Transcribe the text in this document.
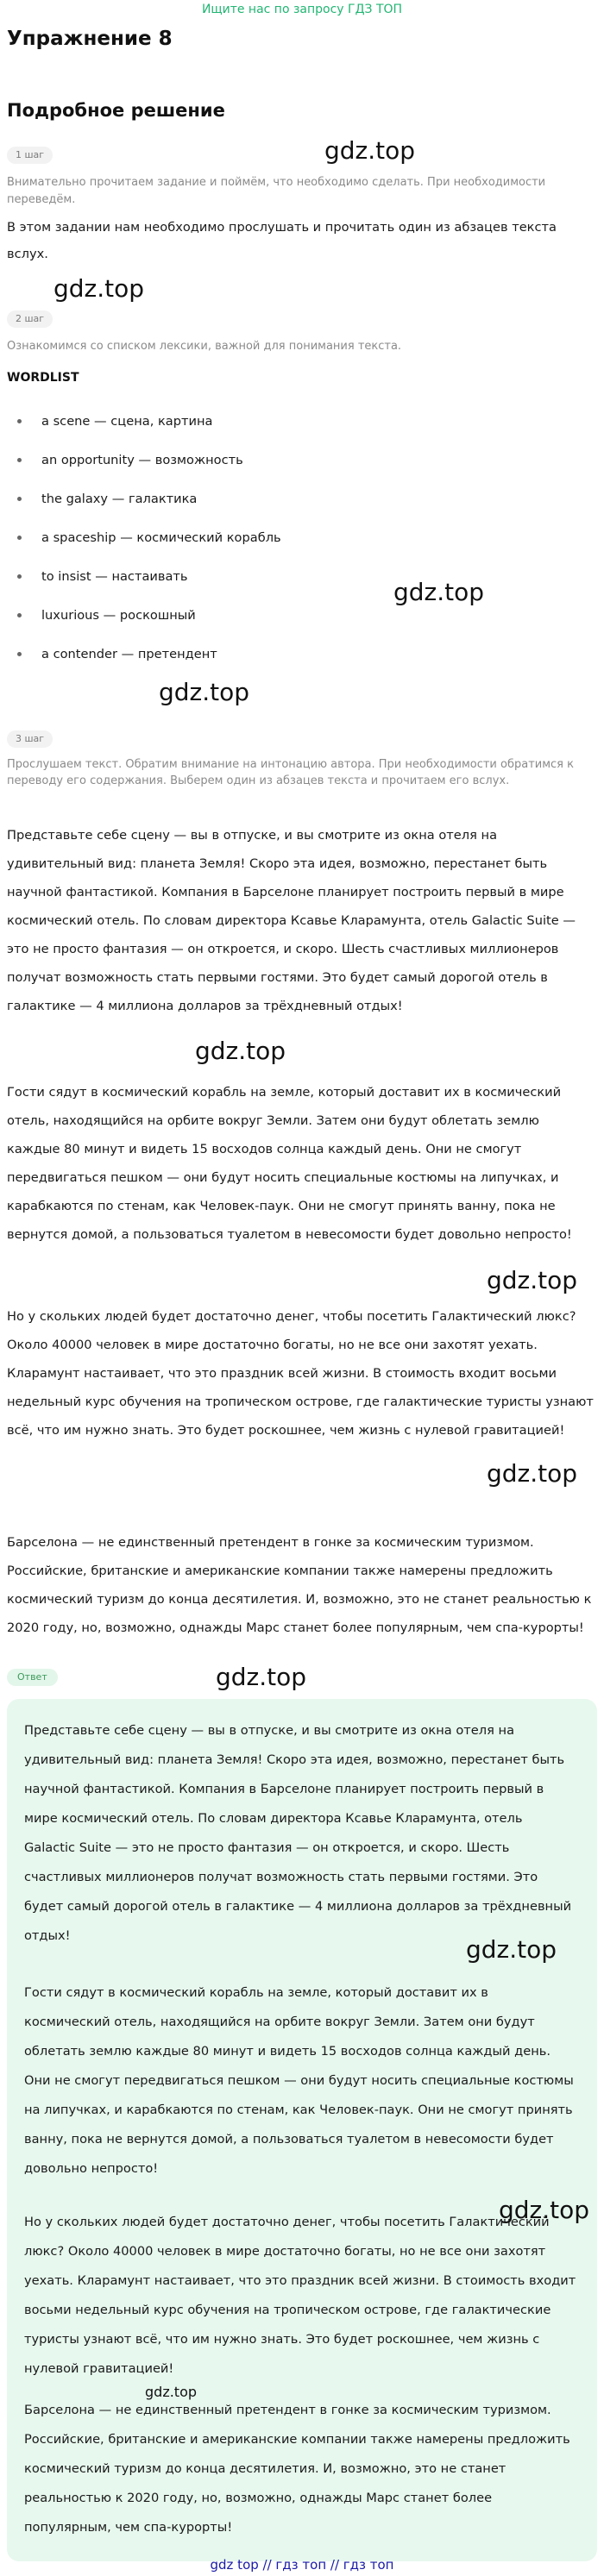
Ищите нас по запросу ГДЗ ТОП
Упражнение 8
Подробное решение
1 шаг
Внимательно прочитаем задание и поймём, что необходимо сделать. При необходимости переведём.
В этом задании нам необходимо прослушать и прочитать один из абзацев текста вслух.
2 шаг
Ознакомимся со списком лексики, важной для понимания текста.
WORDLIST
a scene — сцена, картина
an opportunity — возможность
the galaxy — галактика
a spaceship — космический корабль
to insist — настаивать
luxurious — роскошный
a contender — претендент
3 шаг
Прослушаем текст. Обратим внимание на интонацию автора. При необходимости обратимся к переводу его содержания. Выберем один из абзацев текста и прочитаем его вслух.
Представьте себе сцену — вы в отпуске, и вы смотрите из окна отеля на удивительный вид: планета Земля! Скоро эта идея, возможно, перестанет быть научной фантастикой. Компания в Барселоне планирует построить первый в мире космический отель. По словам директора Ксавье Кларамунта, отель Galactic Suite — это не просто фантазия — он откроется, и скоро. Шесть счастливых миллионеров получат возможность стать первыми гостями. Это будет самый дорогой отель в галактике — 4 миллиона долларов за трёхдневный отдых!
Гости сядут в космический корабль на земле, который доставит их в космический отель, находящийся на орбите вокруг Земли. Затем они будут облетать землю каждые 80 минут и видеть 15 восходов солнца каждый день. Они не смогут передвигаться пешком — они будут носить специальные костюмы на липучках, и карабкаются по стенам, как Человек-паук. Они не смогут принять ванну, пока не вернутся домой, а пользоваться туалетом в невесомости будет довольно непросто!
Но у скольких людей будет достаточно денег, чтобы посетить Галактический люкс? Около 40000 человек в мире достаточно богаты, но не все они захотят уехать. Кларамунт настаивает, что это праздник всей жизни. В стоимость входит восьми недельный курс обучения на тропическом острове, где галактические туристы узнают всё, что им нужно знать. Это будет роскошнее, чем жизнь с нулевой гравитацией!
Барселона — не единственный претендент в гонке за космическим туризмом. Российские, британские и американские компании также намерены предложить космический туризм до конца десятилетия. И, возможно, это не станет реальностью к 2020 году, но, возможно, однажды Марс станет более популярным, чем спа-курорты!
Ответ
Представьте себе сцену — вы в отпуске, и вы смотрите из окна отеля на удивительный вид: планета Земля! Скоро эта идея, возможно, перестанет быть научной фантастикой. Компания в Барселоне планирует построить первый в мире космический отель. По словам директора Ксавье Кларамунта, отель Galactic Suite — это не просто фантазия — он откроется, и скоро. Шесть счастливых миллионеров получат возможность стать первыми гостями. Это будет самый дорогой отель в галактике — 4 миллиона долларов за трёхдневный отдых!
Гости сядут в космический корабль на земле, который доставит их в космический отель, находящийся на орбите вокруг Земли. Затем они будут облетать землю каждые 80 минут и видеть 15 восходов солнца каждый день. Они не смогут передвигаться пешком — они будут носить специальные костюмы на липучках, и карабкаются по стенам, как Человек-паук. Они не смогут принять ванну, пока не вернутся домой, а пользоваться туалетом в невесомости будет довольно непросто!
Но у скольких людей будет достаточно денег, чтобы посетить Галактический люкс? Около 40000 человек в мире достаточно богаты, но не все они захотят уехать. Кларамунт настаивает, что это праздник всей жизни. В стоимость входит восьми недельный курс обучения на тропическом острове, где галактические туристы узнают всё, что им нужно знать. Это будет роскошнее, чем жизнь с нулевой гравитацией!
Барселона — не единственный претендент в гонке за космическим туризмом. Российские, британские и американские компании также намерены предложить космический туризм до конца десятилетия. И, возможно, это не станет реальностью к 2020 году, но, возможно, однажды Марс станет более популярным, чем спа-курорты!
gdz.top
gdz.top
gdz.top
gdz.top
gdz.top
gdz.top
gdz.top
gdz.top
gdz.top
gdz.top
gdz.top
gdz top // гдз топ // гдз топ
